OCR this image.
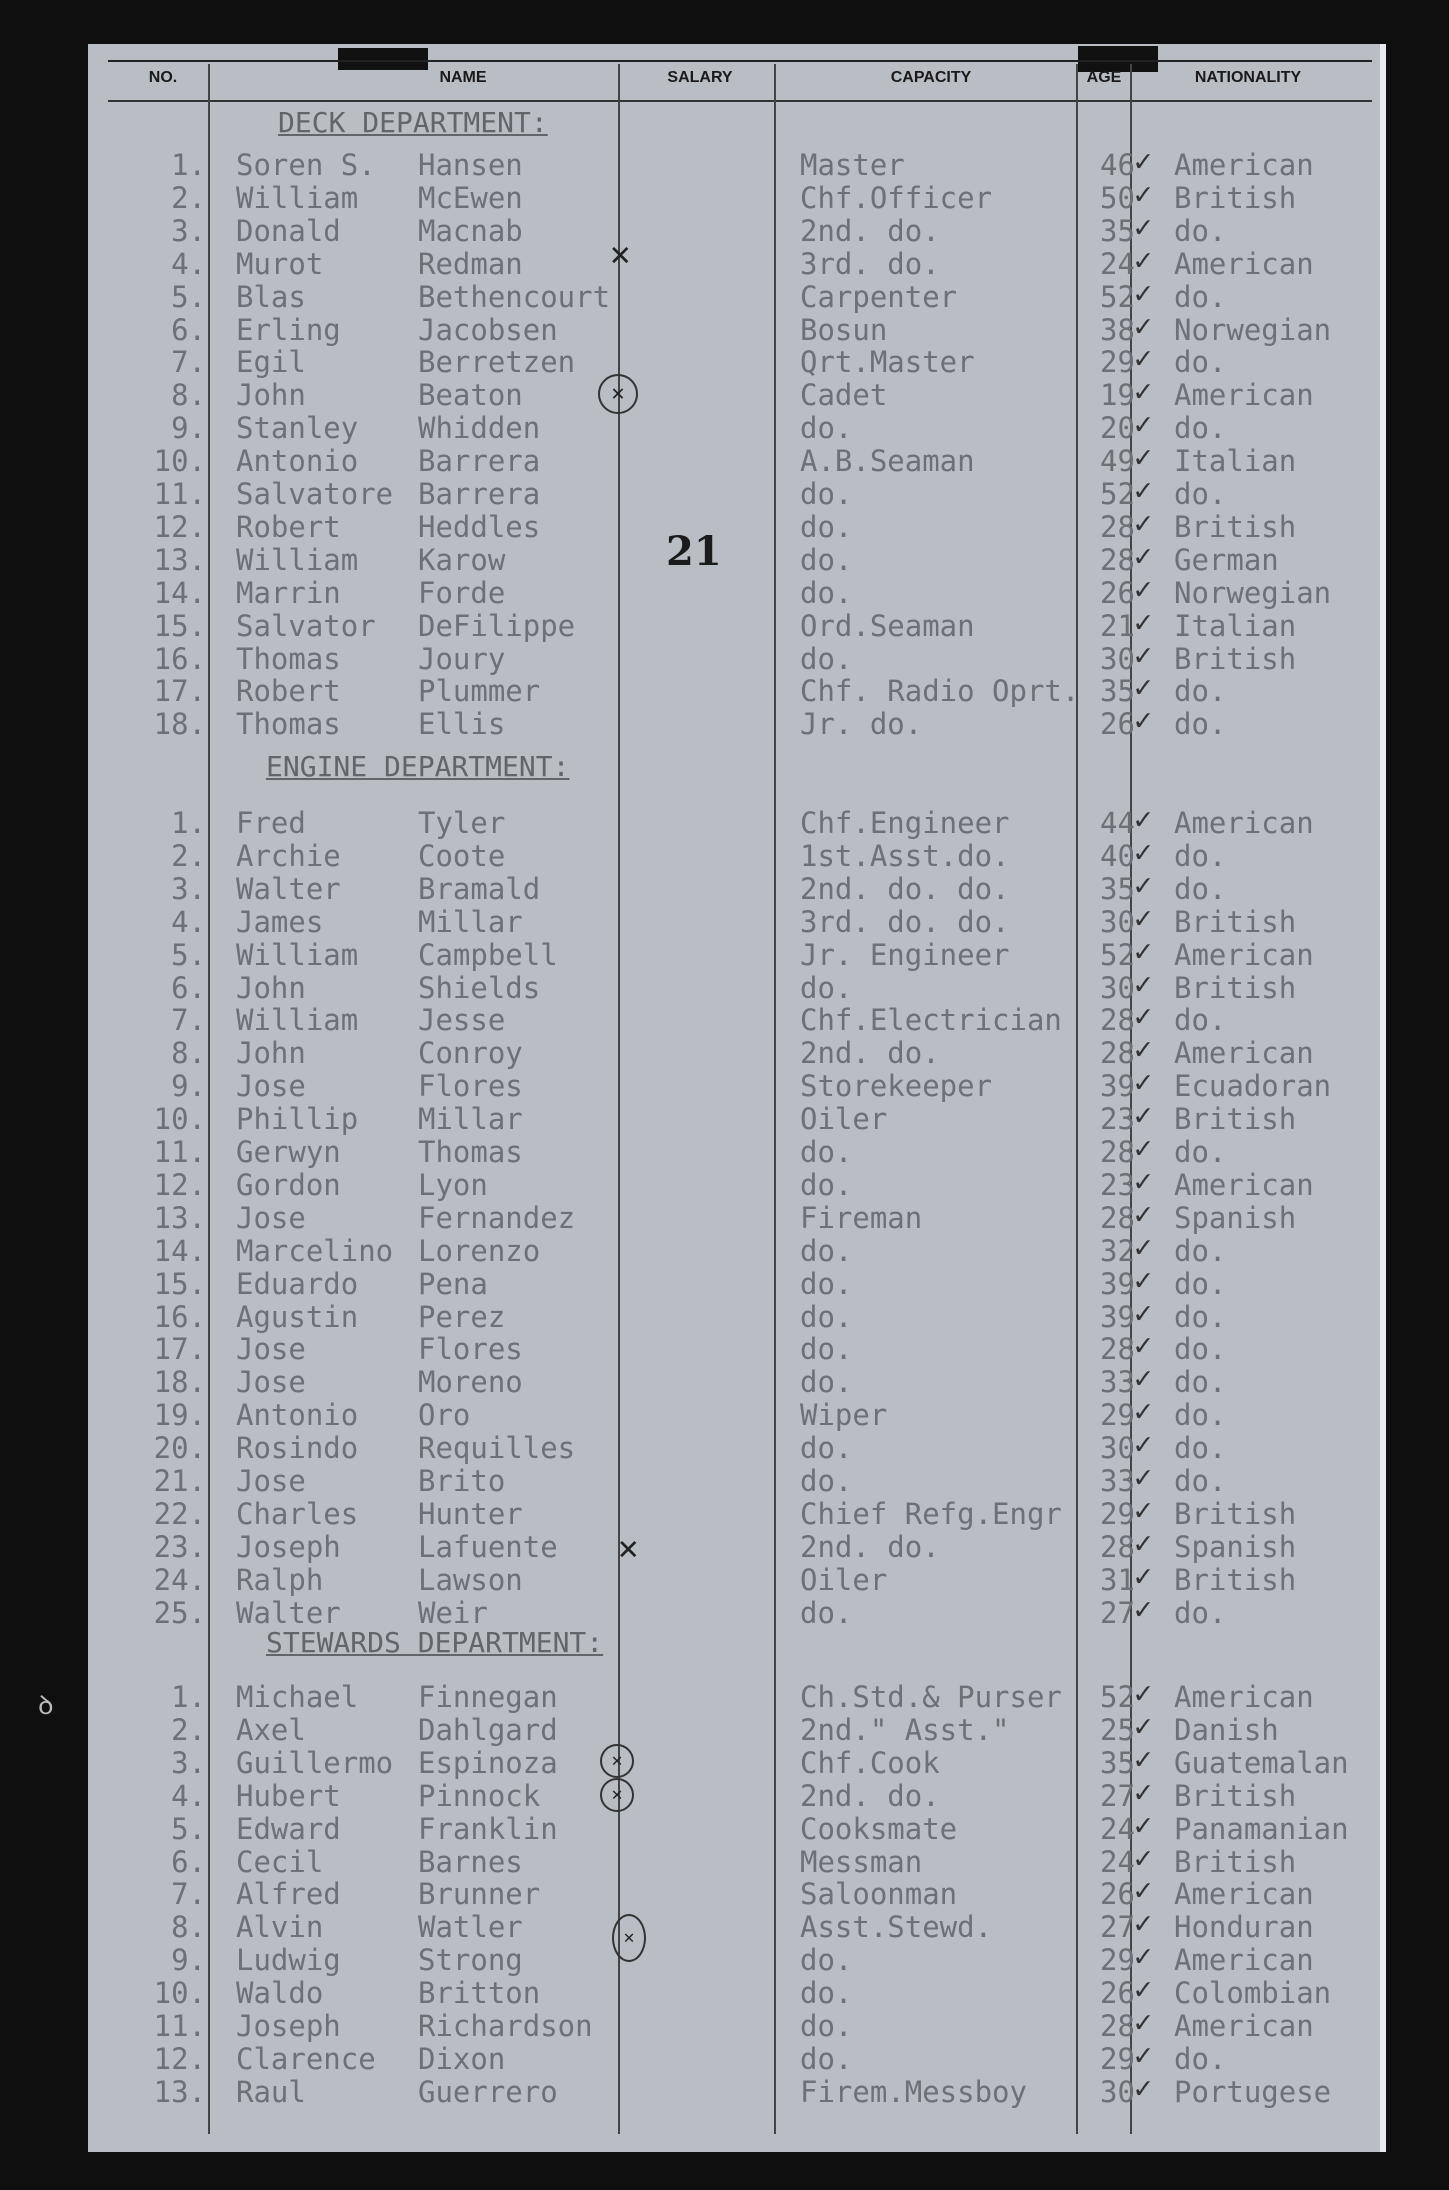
NO.	NAME	SALARY	CAPACITY	AGE	NATIONALITY
21
DECK DEPARTMENT:
1. Soren S. Hansen	Master	46 American
✓
2. William McEwen	Chf.Officer	50 British
✓
3. Donald	Macnab	2nd. do.	35 do.
✓
4. Murot	Redman	3rd. do.	24 American
✓
5. Blas	Bethencourt	Carpenter	52 do.
✓
6. Erling	Jacobsen	Bosun	38 Norwegian
✓
7. Egil	Berretzen	Qrt.Master	29 do.
✓
8. John	Beaton	Cadet	19 American
✓
9. Stanley Whidden	do.	20 do.
✓
10. Antonio Barrera	A.B.Seaman	49 Italian
✓
11. Salvatore Barrera	do.	52 do.
✓
12. Robert	Heddles	do.	28 British
✓
13. William Karow	do.	28 German
✓
14. Marrin	Forde	do.	26 Norwegian
✓
15. Salvator DeFilippe	Ord.Seaman	21 Italian
✓
16. Thomas	Joury	do.	30 British
✓
17. Robert	Plummer	Chf. Radio Oprt. 35 do.
✓
18. Thomas	Ellis	Jr. do.	26 do.
✓
ENGINE DEPARTMENT:
1. Fred	Tyler	Chf.Engineer	44 American
✓
2. Archie	Coote	1st.Asst.do.	40 do.
✓
3. Walter	Bramald	2nd. do. do.	35 do.
✓
4. James	Millar	3rd. do. do.	30 British
✓
5. William Campbell	Jr. Engineer	52 American
✓
6. John	Shields	do.	30 British
✓
7. William Jesse	Chf.Electrician 28 do.
✓
8. John	Conroy	2nd. do.	28 American
✓
9. Jose	Flores	Storekeeper	39 Ecuadoran
✓
10. Phillip Millar	Oiler	23 British
✓
11. Gerwyn	Thomas	do.	28 do.
✓
12. Gordon	Lyon	do.	23 American
✓
13. Jose	Fernandez	Fireman	28 Spanish
✓
14. Marcelino Lorenzo	do.	32 do.
✓
15. Eduardo Pena	do.	39 do.
✓
16. Agustin Perez	do.	39 do.
✓
17. Jose	Flores	do.	28 do.
✓
18. Jose	Moreno	do.	33 do.
✓
19. Antonio Oro	Wiper	29 do.
✓
20. Rosindo Requilles	do.	30 do.
✓
21. Jose	Brito	do.	33 do.
✓
22. Charles Hunter	Chief Refg.Engr 29 British
✓
23. Joseph	Lafuente	2nd. do.	28 Spanish
✓
24. Ralph	Lawson	Oiler	31 British
✓
25. Walter	Weir	do.	27 do.
✓
STEWARDS DEPARTMENT:
1. Michael Finnegan	Ch.Std.& Purser 52 American
✓
2. Axel	Dahlgard	2nd." Asst."	25 Danish
✓
3. Guillermo Espinoza	Chf.Cook	35 Guatemalan
✓
4. Hubert	Pinnock	2nd. do.	27 British
✓
5. Edward	Franklin	Cooksmate	24 Panamanian
✓
6. Cecil	Barnes	Messman	24 British
✓
7. Alfred	Brunner	Saloonman	26 American
✓
8. Alvin	Watler	Asst.Stewd.	27 Honduran
✓
9. Ludwig	Strong	do.	29 American
✓
10. Waldo	Britton	do.	26 Colombian
✓
11. Joseph	Richardson	do.	28 American
✓
12. Clarence Dixon	do.	29 do.
✓
13. Raul	Guerrero	Firem.Messboy	30 Portugese
✓
✕
✕
✕
✕
✕
✕
ꝺ
